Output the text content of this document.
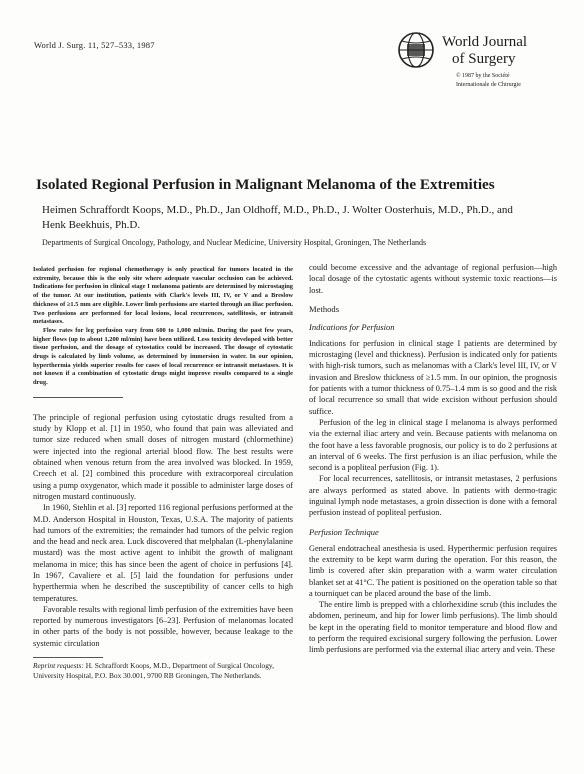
World J. Surg. 11, 527–533, 1987	World Journal
of Surgery
© 1987 by the Société
Internationale de Chirurgie
Isolated Regional Perfusion in Malignant Melanoma of the Extremities
Heimen Schraffordt Koops, M.D., Ph.D., Jan Oldhoff, M.D., Ph.D., J. Wolter Oosterhuis, M.D., Ph.D., and Henk Beekhuis, Ph.D.
Departments of Surgical Oncology, Pathology, and Nuclear Medicine, University Hospital, Groningen, The Netherlands

Isolated perfusion for regional chemotherapy is only practical for tumors located in the extremity, because this is the only site where adequate vascular occlusion can be achieved. Indications for perfusion in clinical stage I melanoma patients are determined by microstaging of the tumor. At our institution, patients with Clark's levels III, IV, or V and a Breslow thickness of ≥1.5 mm are eligible. Lower limb perfusions are started through an iliac perfusion. Two perfusions are performed for local lesions, local recurrences, satellitosis, or intransit metastases.

Flow rates for leg perfusion vary from 600 to 1,000 ml/min. During the past few years, higher flows (up to about 1,200 ml/min) have been utilized. Less toxicity developed with better tissue perfusion, and the dosage of cytostatics could be increased. The dosage of cytostatic drugs is calculated by limb volume, as determined by immersion in water. In our opinion, hyperthermia yields superior results for cases of local recurrence or intransit metastases. It is not known if a combination of cytostatic drugs might improve results compared to a single drug.

The principle of regional perfusion using cytostatic drugs resulted from a study by Klopp et al. [1] in 1950, who found that pain was alleviated and tumor size reduced when small doses of nitrogen mustard (chlormethine) were injected into the regional arterial blood flow. The best results were obtained when venous return from the area involved was blocked. In 1959, Creech et al. [2] combined this procedure with extracorporeal circulation using a pump oxygenator, which made it possible to administer large doses of nitrogen mustard continuously.

In 1960, Stehlin et al. [3] reported 116 regional perfusions performed at the M.D. Anderson Hospital in Houston, Texas, U.S.A. The majority of patients had tumors of the extremities; the remainder had tumors of the pelvic region and the head and neck area. Luck discovered that melphalan (L-phenylalanine mustard) was the most active agent to inhibit the growth of malignant melanoma in mice; this has since been the agent of choice in perfusions [4]. In 1967, Cavaliere et al. [5] laid the foundation for perfusions under hyperthermia when he described the susceptibility of cancer cells to high temperatures.

Favorable results with regional limb perfusion of the extremities have been reported by numerous investigators [6–23]. Perfusion of melanomas located in other parts of the body is not possible, however, because leakage to the systemic circulation

Reprint requests: H. Schraffordt Koops, M.D., Department of Surgical Oncology, University Hospital, P.O. Box 30.001, 9700 RB Groningen, The Netherlands.

could become excessive and the advantage of regional perfusion—high local dosage of the cytostatic agents without systemic toxic reactions—is lost.

Methods
Indications for Perfusion

Indications for perfusion in clinical stage I patients are determined by microstaging (level and thickness). Perfusion is indicated only for patients with high-risk tumors, such as melanomas with a Clark's level III, IV, or V invasion and Breslow thickness of ≥1.5 mm. In our opinion, the prognosis for patients with a tumor thickness of 0.75–1.4 mm is so good and the risk of local recurrence so small that wide excision without perfusion should suffice.

Perfusion of the leg in clinical stage I melanoma is always performed via the external iliac artery and vein. Because patients with melanoma on the foot have a less favorable prognosis, our policy is to do 2 perfusions at an interval of 6 weeks. The first perfusion is an iliac perfusion, while the second is a popliteal perfusion (Fig. 1).

For local recurrences, satellitosis, or intransit metastases, 2 perfusions are always performed as stated above. In patients with dermo-tragic inguinal lymph node metastases, a groin dissection is done with a femoral perfusion instead of popliteal perfusion.

Perfusion Technique

General endotracheal anesthesia is used. Hyperthermic perfusion requires the extremity to be kept warm during the operation. For this reason, the limb is covered after skin preparation with a warm water circulation blanket set at 41°C. The patient is positioned on the operation table so that a tourniquet can be placed around the base of the limb.

The entire limb is prepped with a chlorhexidine scrub (this includes the abdomen, perineum, and hip for lower limb perfusions). The limb should be kept in the operating field to monitor temperature and blood flow and to perform the required excisional surgery following the perfusion. Lower limb perfusions are performed via the external iliac artery and vein. These
